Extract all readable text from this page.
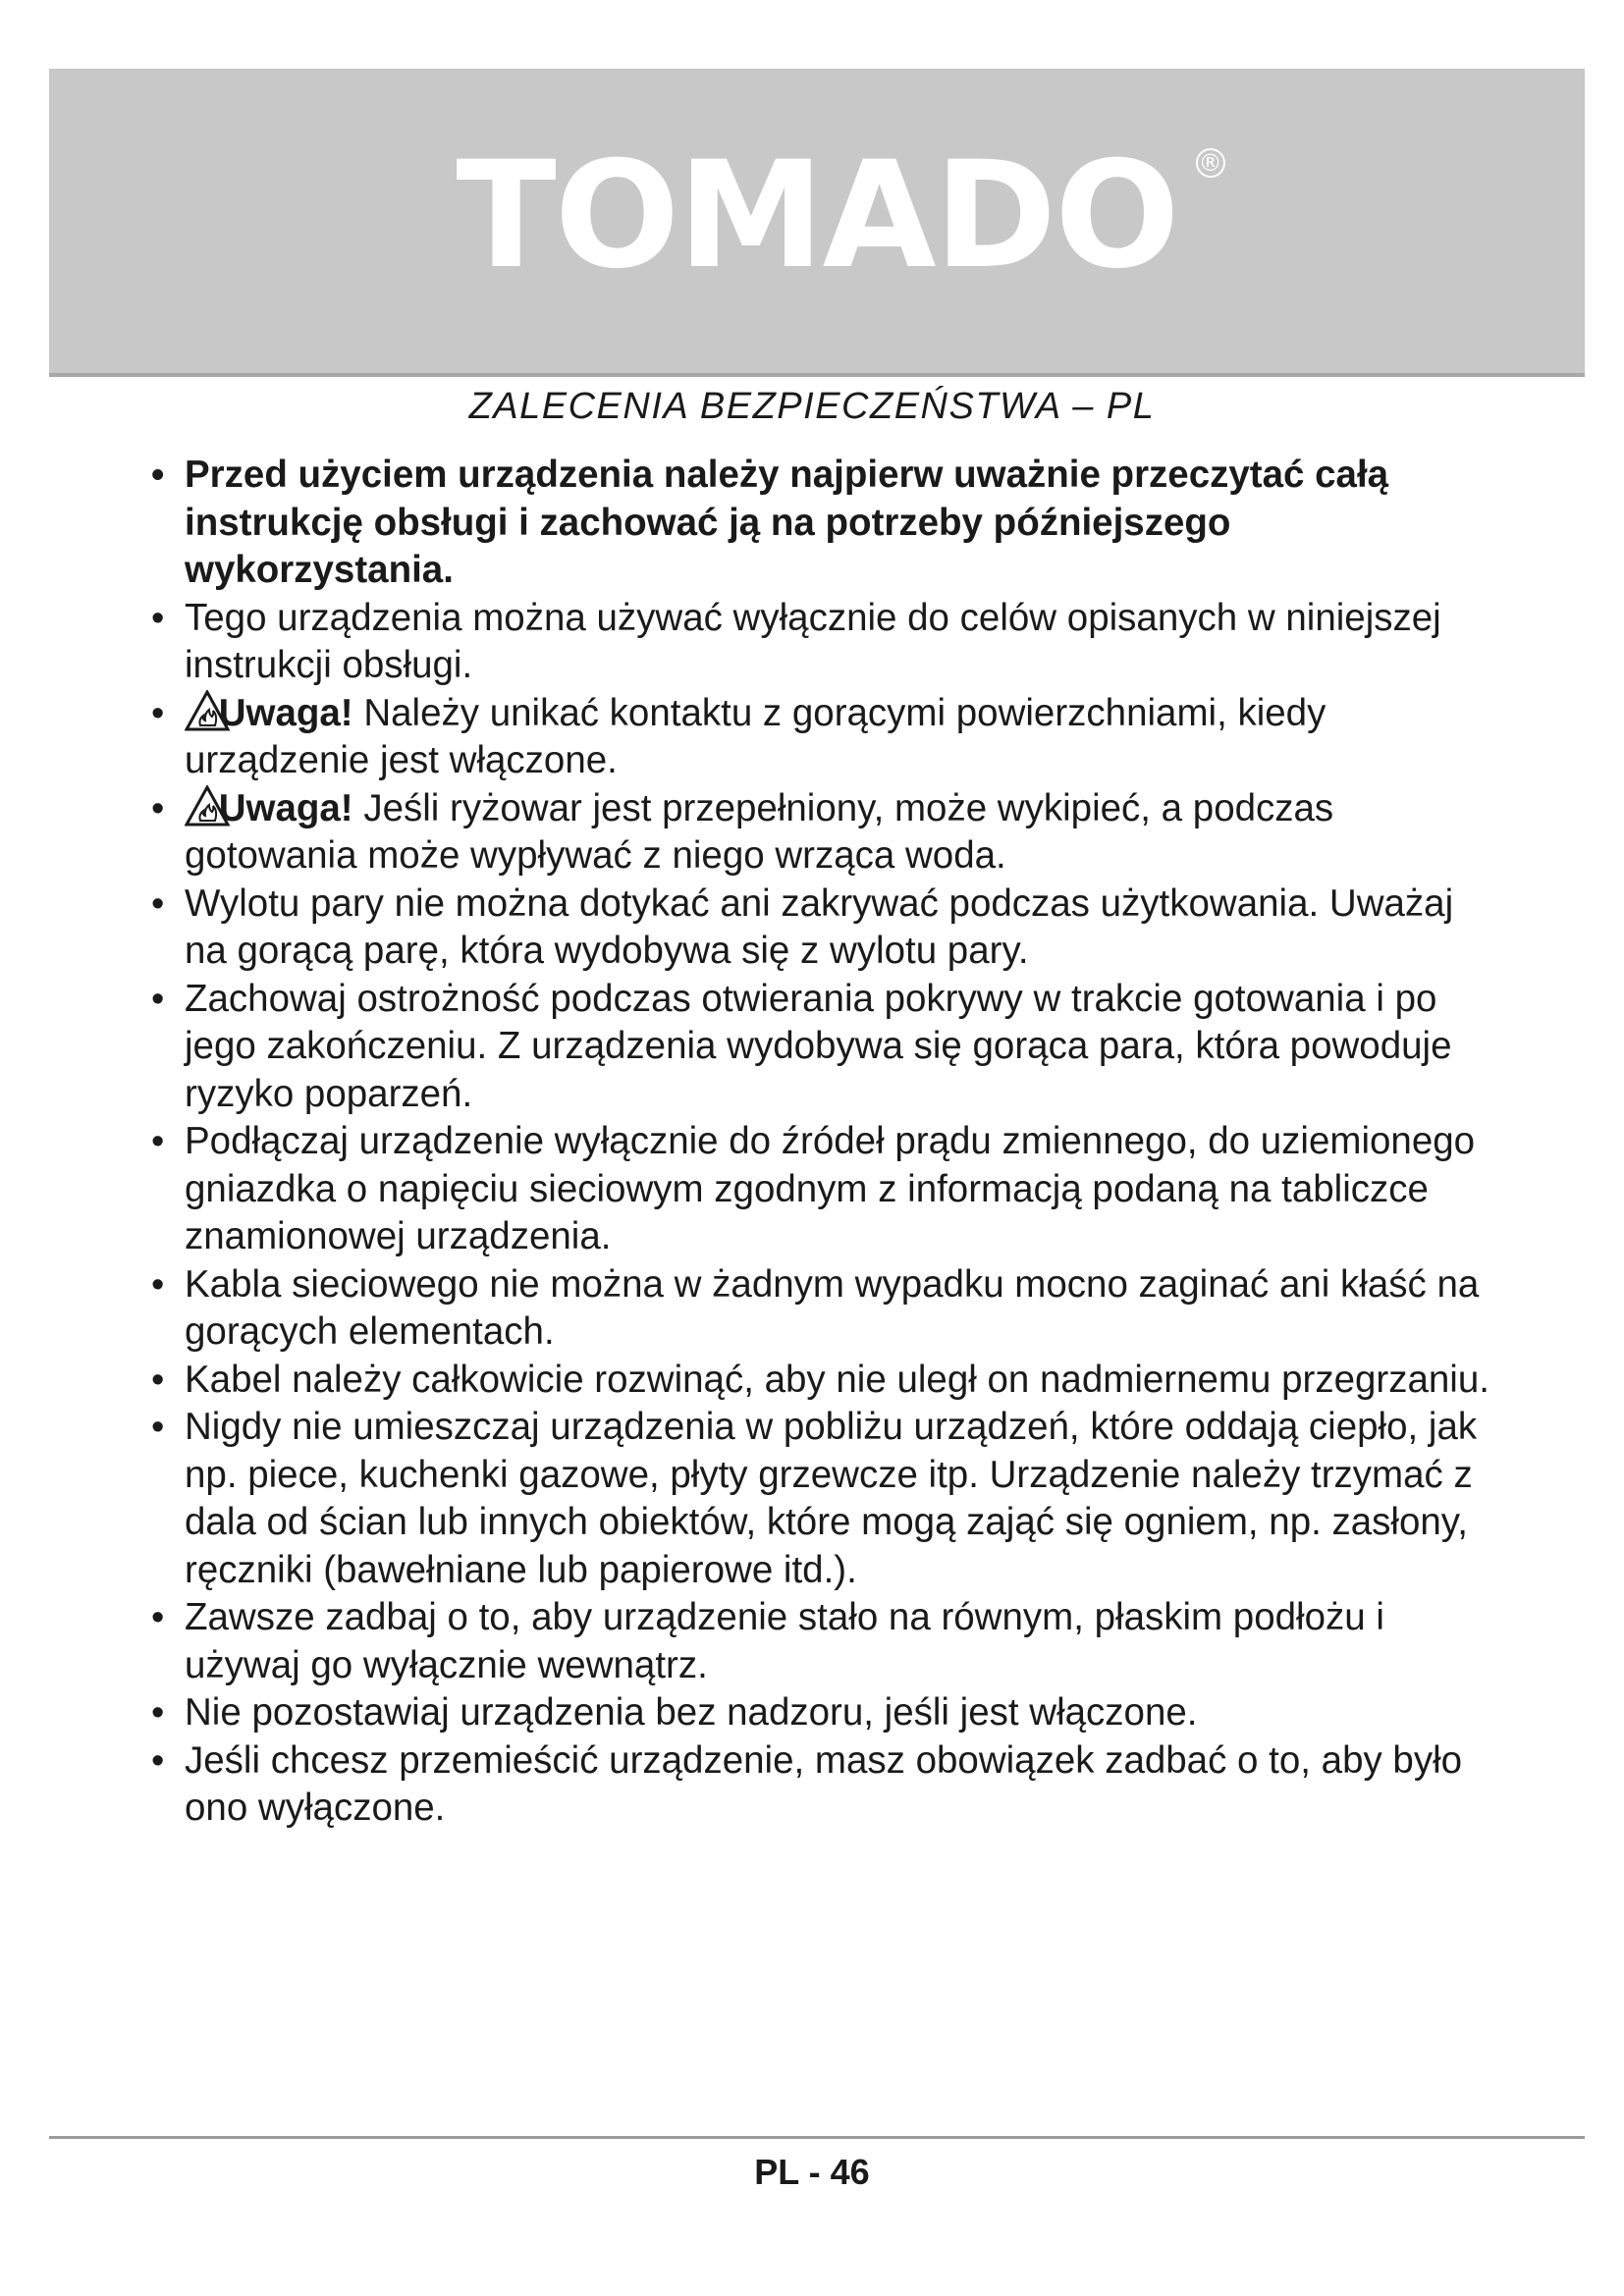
TOMADO ®
ZALECENIA BEZPIECZEŃSTWA – PL
• Przed użyciem urządzenia należy najpierw uważnie przeczytać całą instrukcję obsługi i zachować ją na potrzeby późniejszego wykorzystania.
• Tego urządzenia można używać wyłącznie do celów opisanych w niniejszej instrukcji obsługi.
• Uwaga! Należy unikać kontaktu z gorącymi powierzchniami, kiedy urządzenie jest włączone.
• Uwaga! Jeśli ryżowar jest przepełniony, może wykipieć, a podczas gotowania może wypływać z niego wrząca woda.
• Wylotu pary nie można dotykać ani zakrywać podczas użytkowania. Uważaj na gorącą parę, która wydobywa się z wylotu pary.
• Zachowaj ostrożność podczas otwierania pokrywy w trakcie gotowania i po jego zakończeniu. Z urządzenia wydobywa się gorąca para, która powoduje ryzyko poparzeń.
• Podłączaj urządzenie wyłącznie do źródeł prądu zmiennego, do uziemionego gniazdka o napięciu sieciowym zgodnym z informacją podaną na tabliczce znamionowej urządzenia.
• Kabla sieciowego nie można w żadnym wypadku mocno zaginać ani kłaść na gorących elementach.
• Kabel należy całkowicie rozwinąć, aby nie uległ on nadmiernemu przegrzaniu.
• Nigdy nie umieszczaj urządzenia w pobliżu urządzeń, które oddają ciepło, jak np. piece, kuchenki gazowe, płyty grzewcze itp. Urządzenie należy trzymać z dala od ścian lub innych obiektów, które mogą zająć się ogniem, np. zasłony, ręczniki (bawełniane lub papierowe itd.).
• Zawsze zadbaj o to, aby urządzenie stało na równym, płaskim podłożu i używaj go wyłącznie wewnątrz.
• Nie pozostawiaj urządzenia bez nadzoru, jeśli jest włączone.
• Jeśli chcesz przemieścić urządzenie, masz obowiązek zadbać o to, aby było ono wyłączone.
PL - 46
